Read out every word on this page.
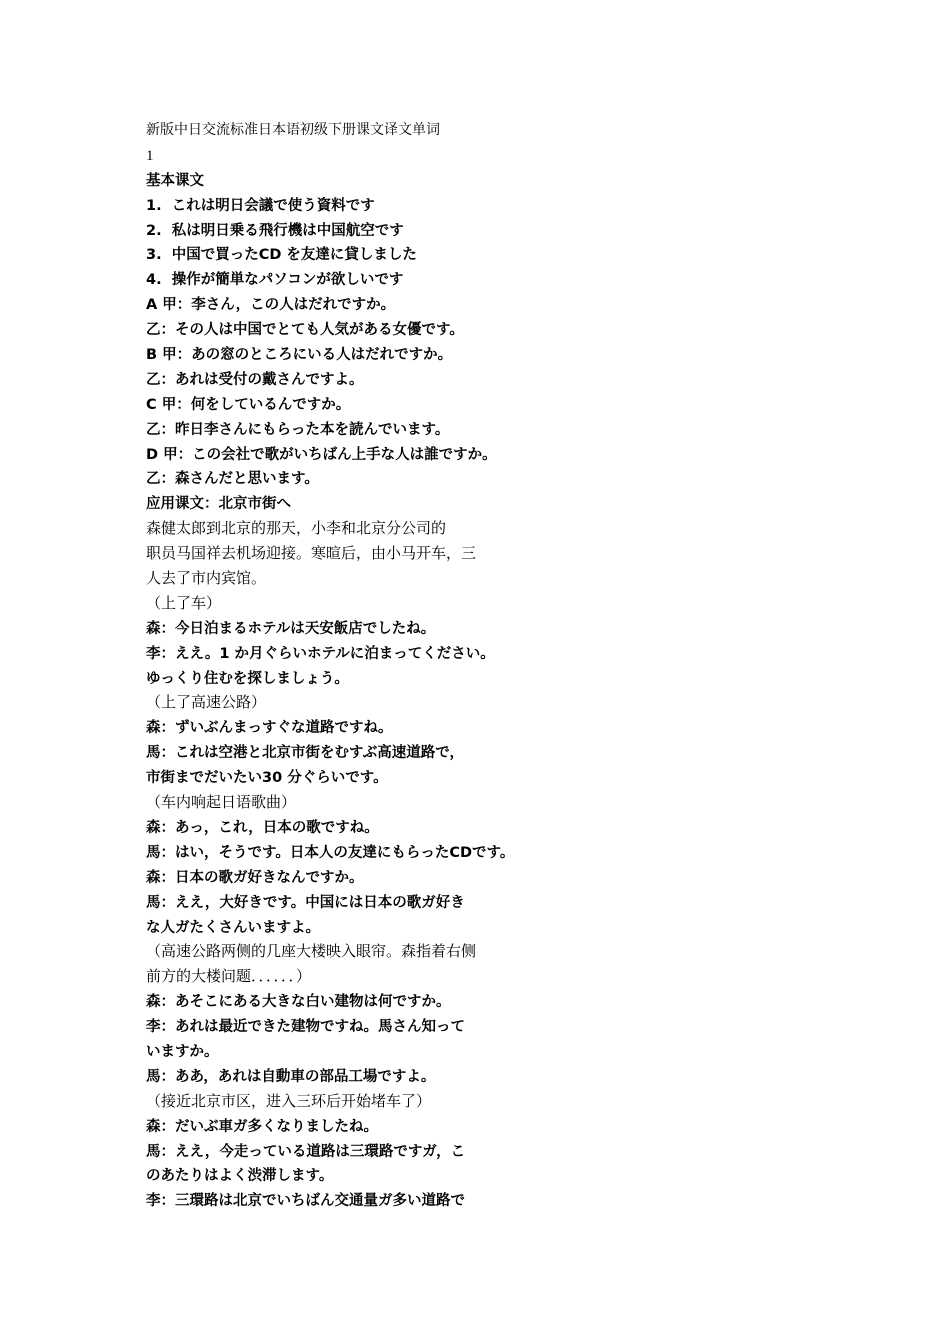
新版中日交流标准日本语初级下册课文译文单词
1
基本课文
1.  これは明日会議で使う資料です
2.  私は明日乗る飛行機は中国航空です
3.  中国で買ったCD を友達に貸しました
4.  操作が簡単なパソコンが欲しいです
A 甲：李さん，この人はだれですか。
乙：その人は中国でとても人気がある女優です。
B 甲：あの窓のところにいる人はだれですか。
乙：あれは受付の戴さんですよ。
C 甲：何をしているんですか。
乙：昨日李さんにもらった本を読んでいます。
D 甲：この会社で歌がいちばん上手な人は誰ですか。
乙：森さんだと思います。
应用课文：北京市街へ
森健太郎到北京的那天，小李和北京分公司的
职员马国祥去机场迎接。寒暄后，由小马开车，三
人去了市内宾馆。
（上了车）
森：今日泊まるホテルは天安飯店でしたね。
李：ええ。1 か月ぐらいホテルに泊まってください。
ゆっくり住むを探しましょう。
（上了高速公路）
森：ずいぶんまっすぐな道路ですね。
馬：これは空港と北京市街をむすぶ高速道路で，
市街までだいたい30 分ぐらいです。
（车内响起日语歌曲）
森：あっ，これ，日本の歌ですね。
馬：はい，そうです。日本人の友達にもらったCDです。
森：日本の歌ガ好きなんですか。
馬：ええ，大好きです。中国には日本の歌ガ好き
な人ガたくさんいますよ。
（高速公路两侧的几座大楼映入眼帘。森指着右侧
前方的大楼问题．．．．．．）
森：あそこにある大きな白い建物は何ですか。
李：あれは最近できた建物ですね。馬さん知って
いますか。
馬：ああ，あれは自動車の部品工場ですよ。
（接近北京市区，进入三环后开始堵车了）
森：だいぶ車ガ多くなりましたね。
馬：ええ，今走っている道路は三環路ですガ，こ
のあたりはよく渋滞します。
李：三環路は北京でいちばん交通量ガ多い道路で
